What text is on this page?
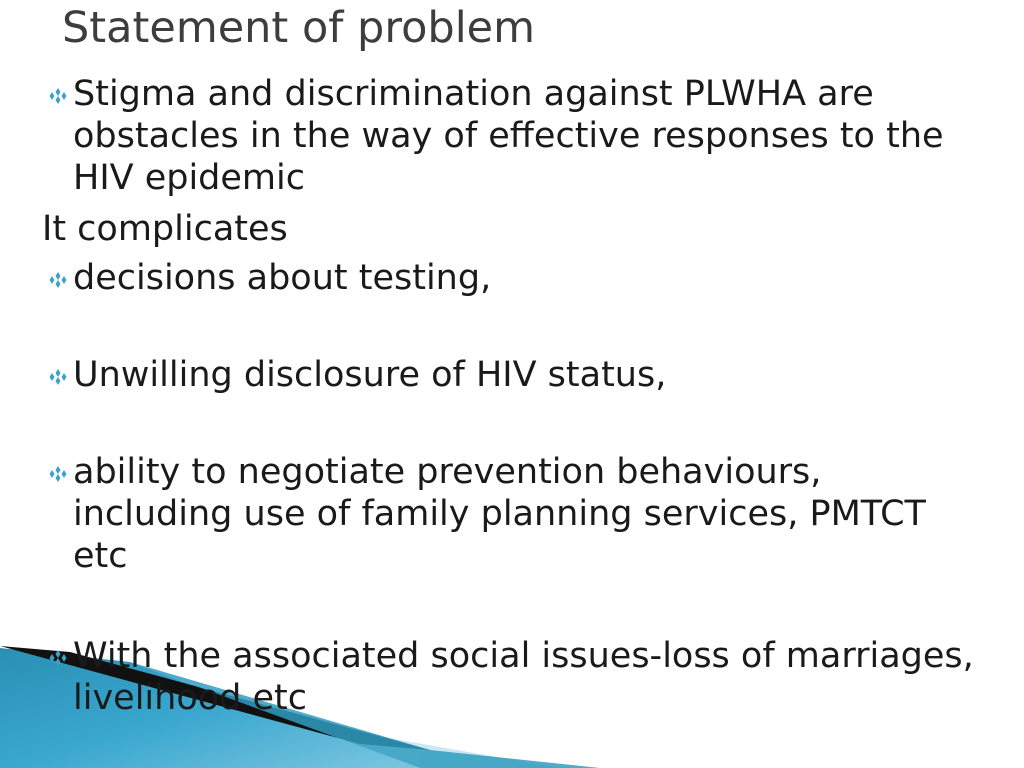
Statement of problem
Stigma and discrimination against PLWHA are obstacles in the way of effective responses to the HIV epidemic
It complicates
decisions about testing,
Unwilling disclosure of HIV status,
ability to negotiate prevention behaviours, including use of family planning services, PMTCT etc
With the associated social issues-loss of marriages, livelihood etc
